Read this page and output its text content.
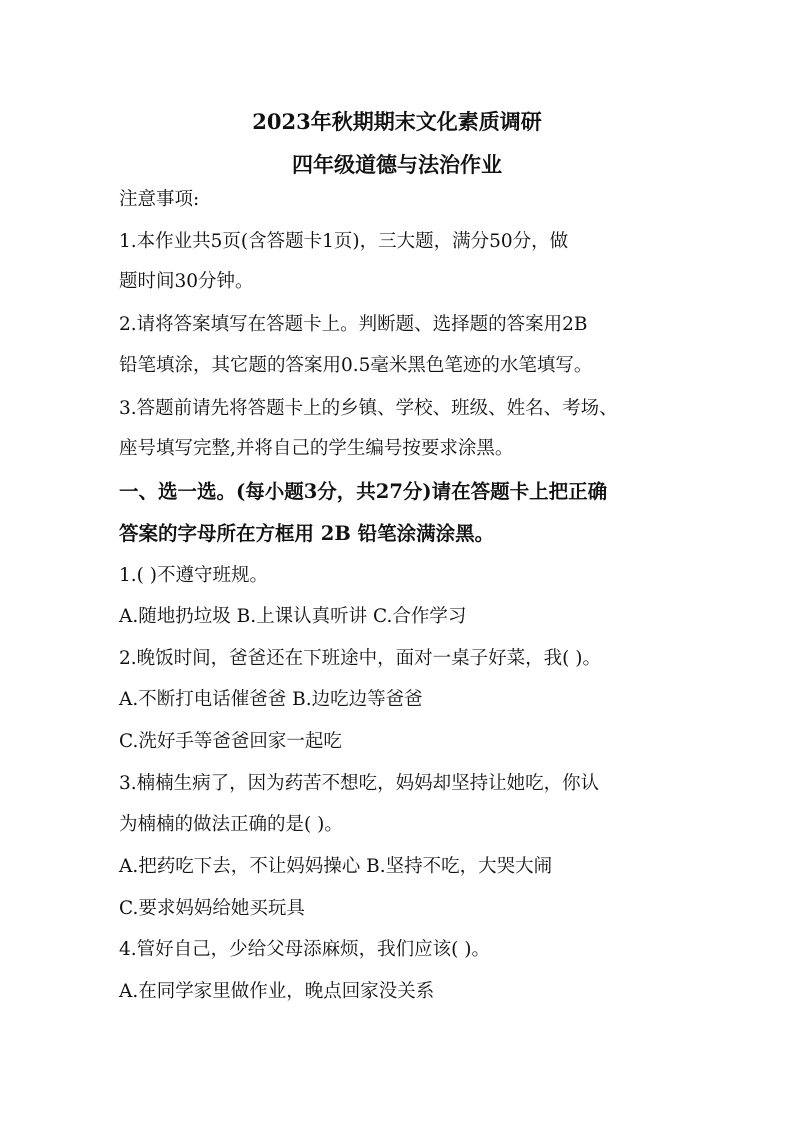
2023年秋期期末文化素质调研
四年级道德与法治作业
注意事项:
1.本作业共5页(含答题卡1页)，三大题，满分50分，做
题时间30分钟。
2.请将答案填写在答题卡上。判断题、选择题的答案用2B
铅笔填涂，其它题的答案用0.5毫米黑色笔迹的水笔填写。
3.答题前请先将答题卡上的乡镇、学校、班级、姓名、考场、
座号填写完整,并将自己的学生编号按要求涂黑。
一、选一选。(每小题3分，共27分)请在答题卡上把正确
答案的字母所在方框用 2B 铅笔涂满涂黑。
1.( )不遵守班规。
A.随地扔垃圾 B.上课认真听讲 C.合作学习
2.晚饭时间，爸爸还在下班途中，面对一桌子好菜，我( )。
A.不断打电话催爸爸 B.边吃边等爸爸
C.洗好手等爸爸回家一起吃
3.楠楠生病了，因为药苦不想吃，妈妈却坚持让她吃，你认
为楠楠的做法正确的是( )。
A.把药吃下去，不让妈妈操心 B.坚持不吃，大哭大闹
C.要求妈妈给她买玩具
4.管好自己，少给父母添麻烦，我们应该( )。
A.在同学家里做作业，晚点回家没关系
